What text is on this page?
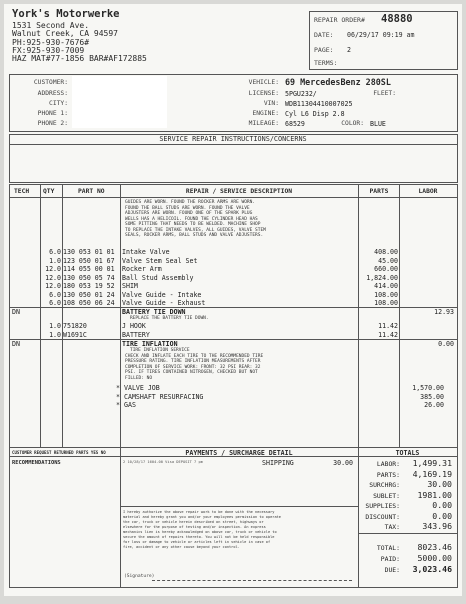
York's Motorwerke
1531 Second Ave.
Walnut Creek, CA 94597
PH:925-930-7676#
FX:925-930-7009
HAZ MAT#77-1856 BAR#AF172885
REPAIR ORDER# 48880
DATE: 06/29/17 09:19 am
PAGE: 2
TERMS:
CUSTOMER:
ADDRESS:
CITY:
PHONE 1:
PHONE 2:
VEHICLE: 69 MercedesBenz 280SL
LICENSE: 5PGU232/	FLEET:
VIN: WDB11304410007025
ENGINE: Cyl L6 Disp 2.8
MILEAGE: 68529	COLOR: BLUE
SERVICE REPAIR INSTRUCTIONS/CONCERNS
TECH QTY	PART NO	REPAIR / SERVICE DESCRIPTION	PARTS	LABOR
GUIDES ARE WORN. FOUND THE ROCKER ARMS ARE WORN.
FOUND THE BALL STUDS ARE WORN. FOUND THE VALVE
ADJUSTERS ARE WORN. FOUND ONE OF THE SPARK PLUG
WELLS HAS A HELICOIL. FOUND THE CYLINDER HEAD HAS
SOME PITTING THAT NEEDS TO BE WELDED. MACHINE SHOP
TO REPLACE THE INTAKE VALVES, ALL GUIDES, VALVE STEM
SEALS, ROCKER ARMS, BALL STUDS AND VALVE ADJUSTERS.
6.0 130 053 01 01 Intake Valve	408.00
1.0 123 050 01 67 Valve Stem Seal Set	45.00
12.0 114 055 00 01 Rocker Arm	660.00
12.0 130 050 05 74 Ball Stud Assembly	1,824.00
12.0 180 053 19 52 SHIM	414.00
6.0 130 050 01 24 Valve Guide - Intake	108.00
6.0 108 050 06 24 Valve Guide - Exhaust	108.00
DN	BATTERY TIE DOWN	12.93
REPLACE THE BATTERY TIE DOWN.
1.0 751820	J HOOK	11.42
1.0 W1691C	BATTERY	11.42
DN	TIRE INFLATION	0.00
TIRE INFLATION SERVICE
CHECK AND INFLATE EACH TIRE TO THE RECOMMENDED TIRE
PRESSURE RATING. TIRE INFLATION MEASUREMENTS AFTER
COMPLETION OF SERVICE WORK: FRONT: 32 PSI REAR: 32
PSI. IF TIRES CONTAINED NITROGEN, CHECKED BUT NOT
FILLED: NO
* VALVE JOB	1,570.00
* CAMSHAFT RESURFACING	385.00
* GAS	26.00
CUSTOMER REQUEST RETURNED PARTS YES NO
RECOMMENDATIONS
PAYMENTS / SURCHARGE DETAIL
2 10/28/17 1604.00 Visa DEPOSIT 7 pm	SHIPPING	30.00
TOTALS
LABOR:	1,499.31
PARTS:	4,169.19
SURCHRG:	30.00
SUBLET:	1981.00
SUPPLIES:	0.00
DISCOUNT:	0.00
TAX:	343.96
TOTAL:	8023.46
PAID:	5000.00
DUE:	3,023.46
I hereby authorize the above repair work to be done with the necessary
material and hereby grant you and/or your employees permission to operate
the car, truck or vehicle herein described on street, highways or
elsewhere for the purpose of testing and/or inspection. An express
mechanics lien is hereby acknowledged on above car, truck or vehicle to
secure the amount of repairs thereto. You will not be held responsible
for loss or damage to vehicle or articles left in vehicle in case of
fire, accident or any other cause beyond your control.
(Signature)
